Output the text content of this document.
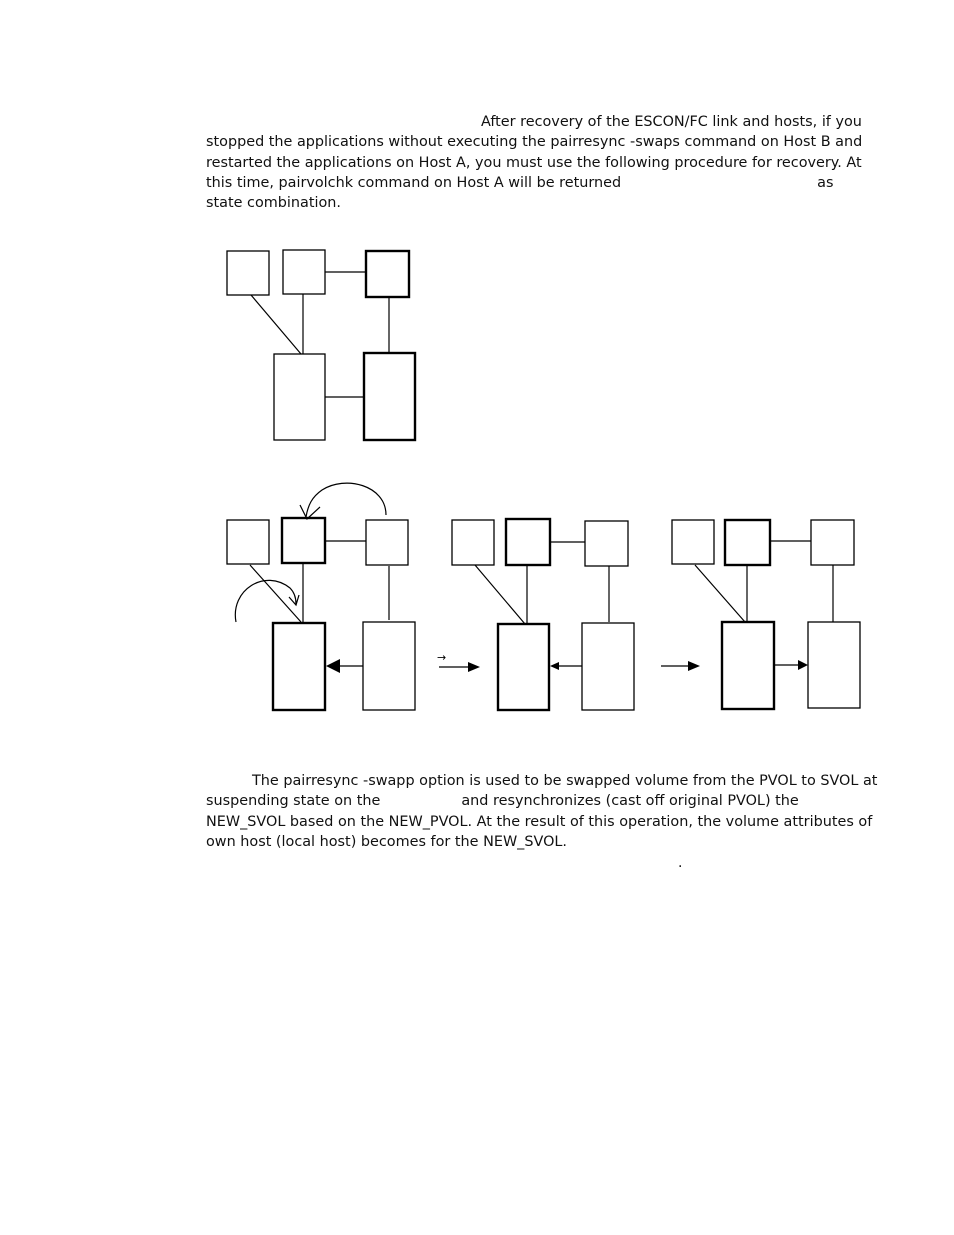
After recovery of the ESCON/FC link and hosts, if you
stopped the applications without executing the pairresync -swaps command on Host B and
restarted the applications on Host A, you must use the following procedure for recovery. At
this time, pairvolchk command on Host A will be returned	as
state combination.
→
The pairresync -swapp option is used to be swapped volume from the PVOL to SVOL at
suspending state on the	and resynchronizes (cast off original PVOL) the
NEW_SVOL based on the NEW_PVOL. At the result of this operation, the volume attributes of
own host (local host) becomes for the NEW_SVOL.
.
